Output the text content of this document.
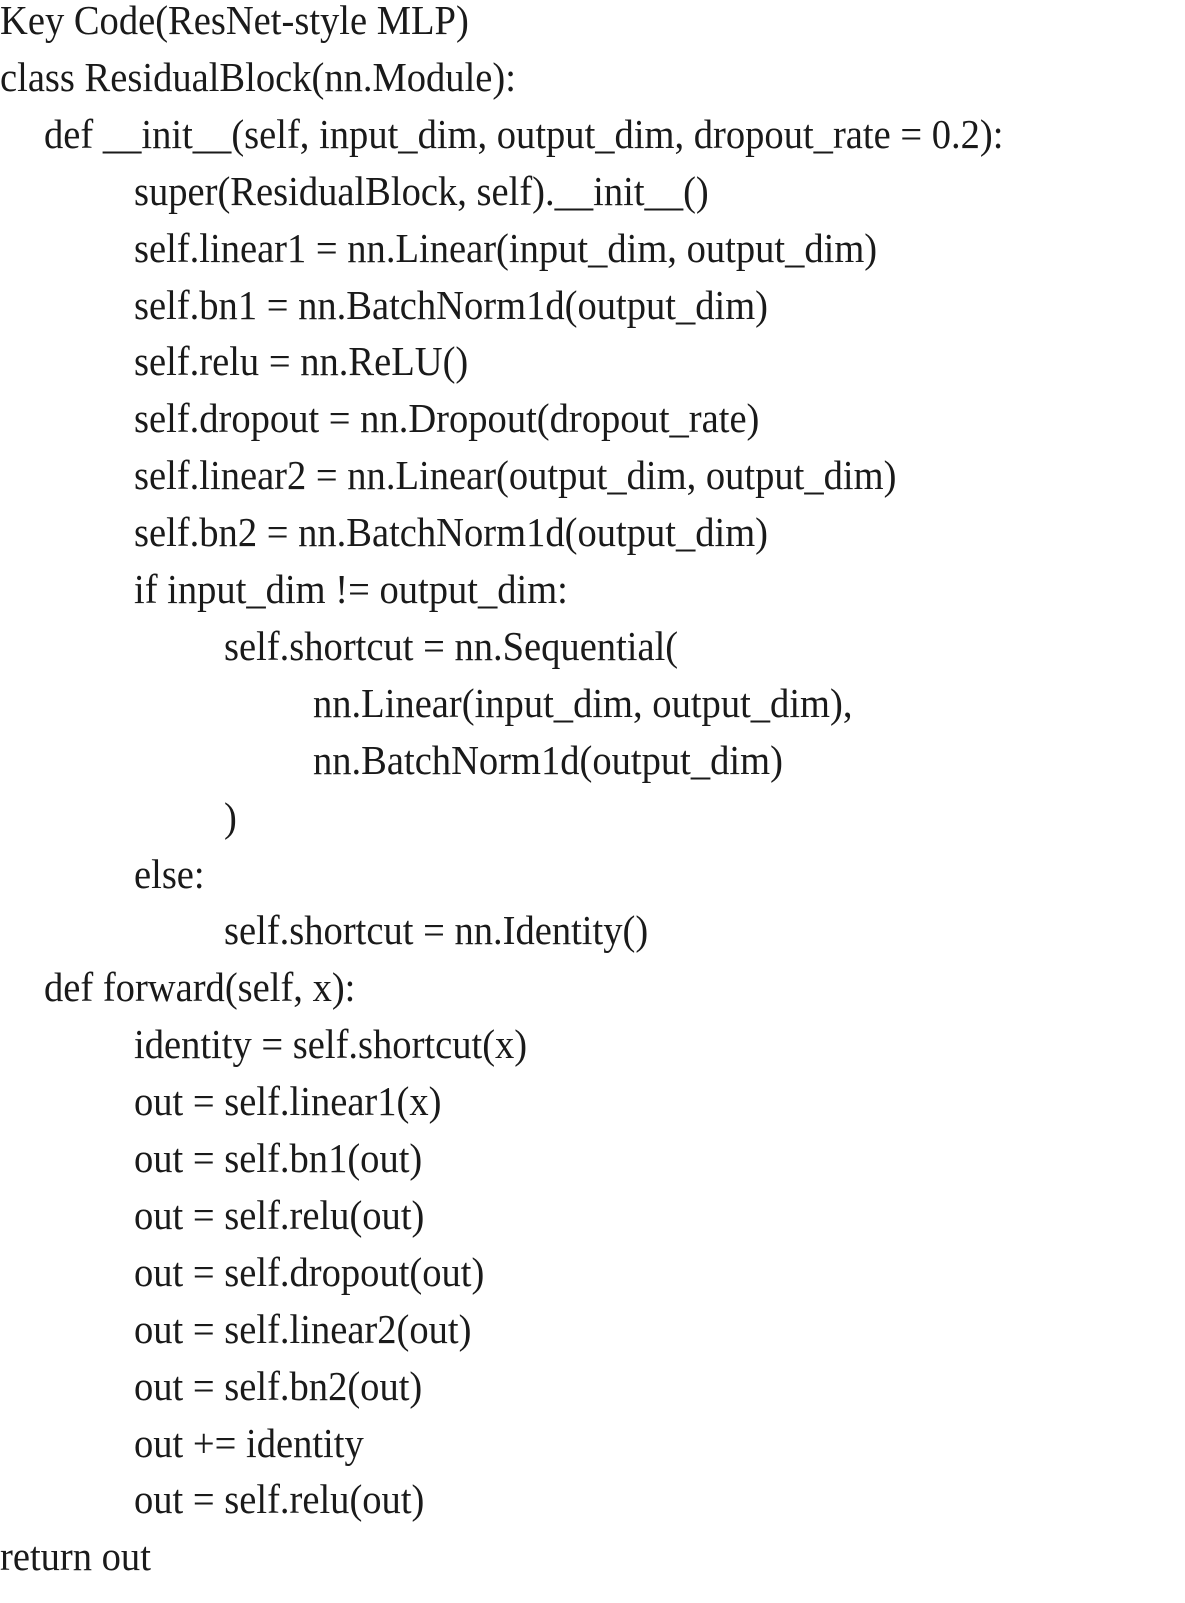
Key Code(ResNet-style MLP)

class ResidualBlock(nn.Module):

def __init__(self, input_dim, output_dim, dropout_rate = 0.2):

super(ResidualBlock, self).__init__()

self.linear1 = nn.Linear(input_dim, output_dim)

self.bn1 = nn.BatchNorm1d(output_dim)

self.relu = nn.ReLU()

self.dropout = nn.Dropout(dropout_rate)

self.linear2 = nn.Linear(output_dim, output_dim)

self.bn2 = nn.BatchNorm1d(output_dim)

if input_dim != output_dim:

self.shortcut = nn.Sequential(

nn.Linear(input_dim, output_dim),

nn.BatchNorm1d(output_dim)

)

else:

self.shortcut = nn.Identity()

def forward(self, x):

identity = self.shortcut(x)

out = self.linear1(x)

out = self.bn1(out)

out = self.relu(out)

out = self.dropout(out)

out = self.linear2(out)

out = self.bn2(out)

out += identity

out = self.relu(out)

return out
